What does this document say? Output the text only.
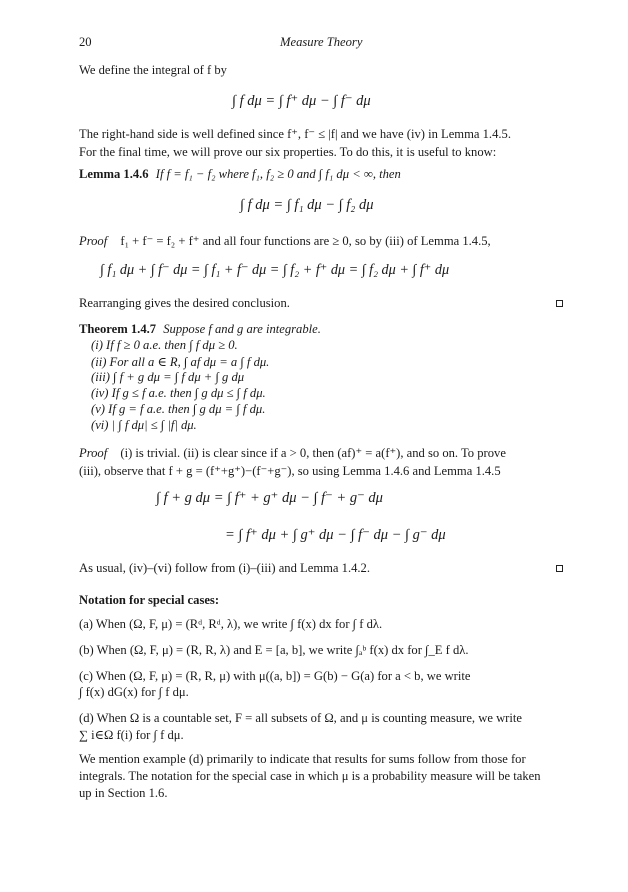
20	Measure Theory
We define the integral of f by
∫ f dμ = ∫ f⁺ dμ − ∫ f⁻ dμ
The right-hand side is well defined since f⁺, f⁻ ≤ |f| and we have (iv) in Lemma 1.4.5.
For the final time, we will prove our six properties. To do this, it is useful to know:
Lemma 1.4.6 If f = f₁ − f₂ where f₁, f₂ ≥ 0 and ∫ f₁ dμ < ∞, then
∫ f dμ = ∫ f₁ dμ − ∫ f₂ dμ
Proof f₁ + f⁻ = f₂ + f⁺ and all four functions are ≥ 0, so by (iii) of Lemma 1.4.5,
∫ f₁ dμ + ∫ f⁻ dμ = ∫ f₁ + f⁻ dμ = ∫ f₂ + f⁺ dμ = ∫ f₂ dμ + ∫ f⁺ dμ
Rearranging gives the desired conclusion.
Theorem 1.4.7 Suppose f and g are integrable.
(i) If f ≥ 0 a.e. then ∫ f dμ ≥ 0.
(ii) For all a ∈ R, ∫ af dμ = a ∫ f dμ.
(iii) ∫ f + g dμ = ∫ f dμ + ∫ g dμ
(iv) If g ≤ f a.e. then ∫ g dμ ≤ ∫ f dμ.
(v) If g = f a.e. then ∫ g dμ = ∫ f dμ.
(vi) | ∫ f dμ| ≤ ∫ |f| dμ.
Proof (i) is trivial. (ii) is clear since if a > 0, then (af)⁺ = a(f⁺), and so on. To prove
(iii), observe that f + g = (f⁺+g⁺)−(f⁻+g⁻), so using Lemma 1.4.6 and Lemma 1.4.5
∫ f + g dμ = ∫ f⁺ + g⁺ dμ − ∫ f⁻ + g⁻ dμ
= ∫ f⁺ dμ + ∫ g⁺ dμ − ∫ f⁻ dμ − ∫ g⁻ dμ
As usual, (iv)–(vi) follow from (i)–(iii) and Lemma 1.4.2.
Notation for special cases:
(a) When (Ω, F, μ) = (Rᵈ, Rᵈ, λ), we write ∫ f(x) dx for ∫ f dλ.
(b) When (Ω, F, μ) = (R, R, λ) and E = [a, b], we write ∫ₐᵇ f(x) dx for ∫_E f dλ.
(c) When (Ω, F, μ) = (R, R, μ) with μ((a, b]) = G(b) − G(a) for a < b, we write
∫ f(x) dG(x) for ∫ f dμ.
(d) When Ω is a countable set, F = all subsets of Ω, and μ is counting measure, we write
∑ i∈Ω f(i) for ∫ f dμ.
We mention example (d) primarily to indicate that results for sums follow from those for
integrals. The notation for the special case in which μ is a probability measure will be taken
up in Section 1.6.
